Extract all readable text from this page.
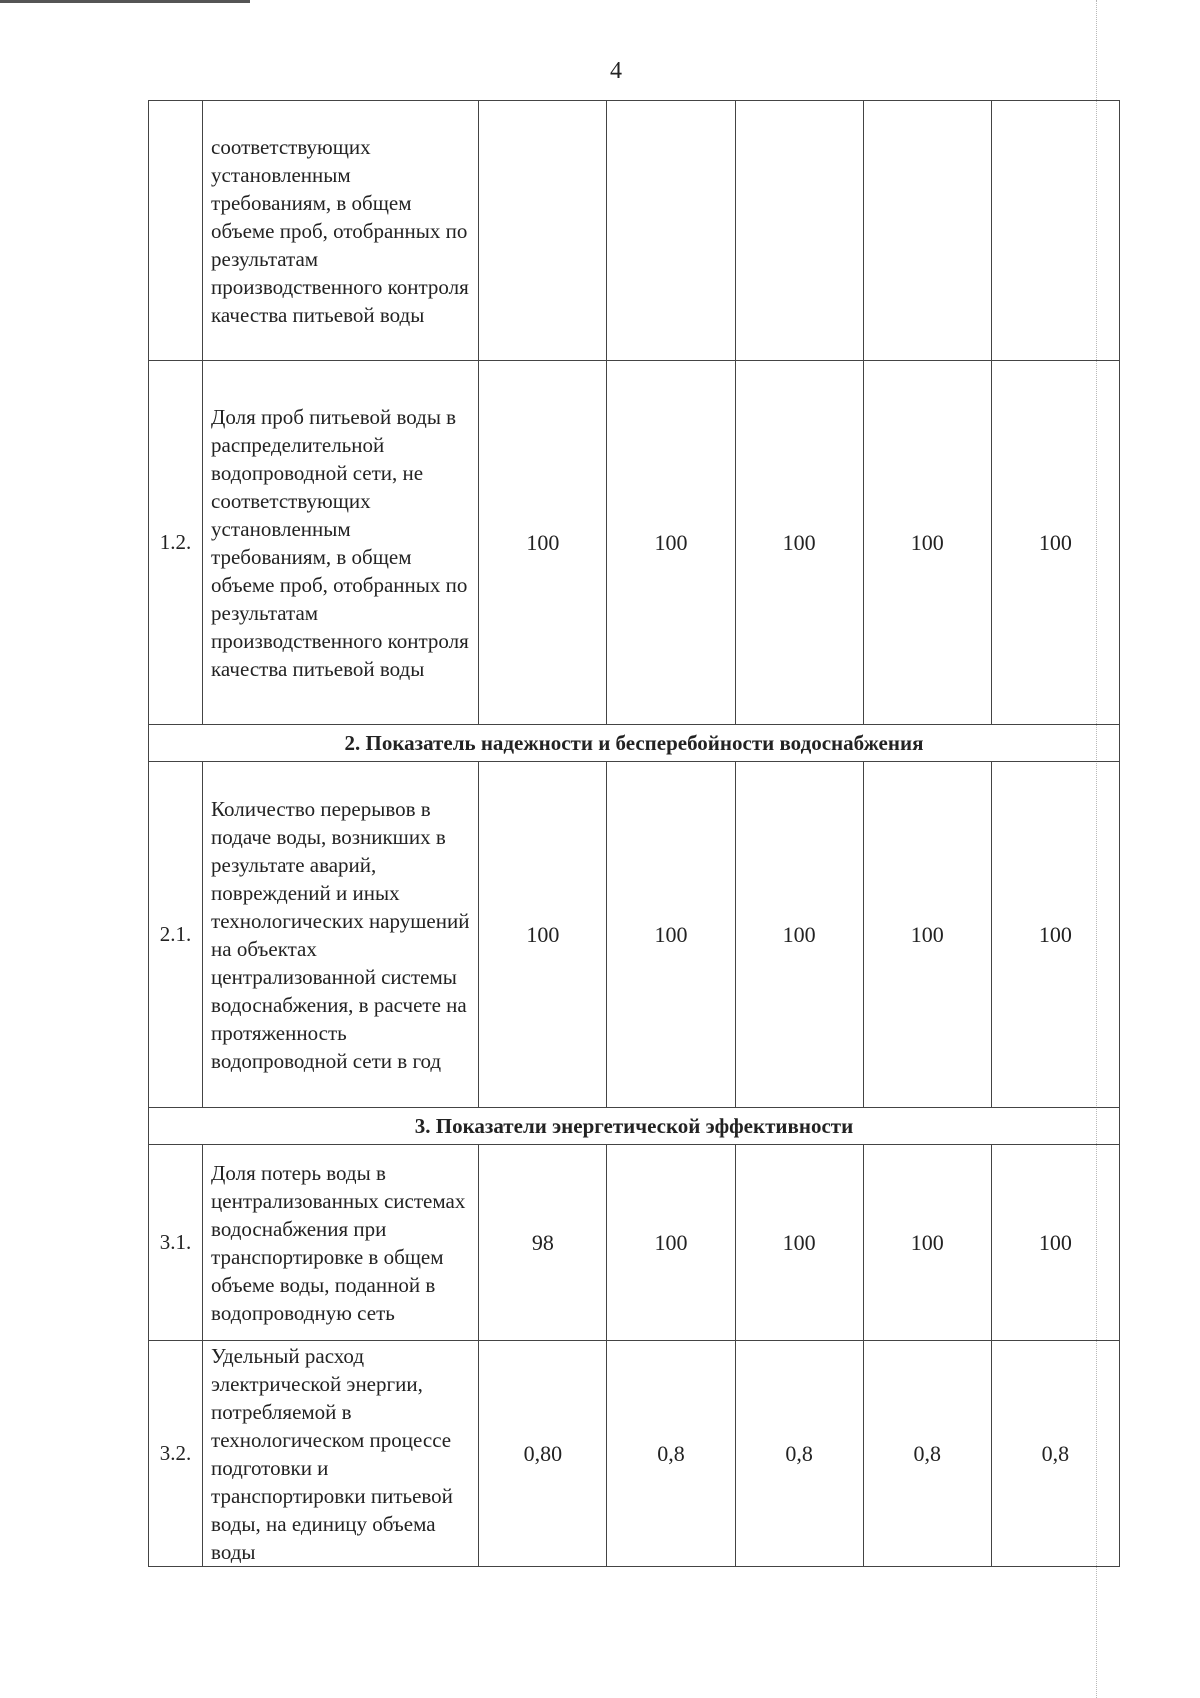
4
	соответствующих установленным требованиям, в общем объеме проб, отобранных по результатам производственного контроля качества питьевой воды					
1.2.	Доля проб питьевой воды в распределительной водопроводной сети, не соответствующих установленным требованиям, в общем объеме проб, отобранных по результатам производственного контроля качества питьевой воды	100	100	100	100	100
2. Показатель надежности и бесперебойности водоснабжения						
2.1.	Количество перерывов в подаче воды, возникших в результате аварий, повреждений и иных технологических нарушений на объектах централизованной системы водоснабжения, в расчете на протяженность водопроводной сети в год	100	100	100	100	100
3. Показатели энергетической эффективности						
3.1.	Доля потерь воды в централизованных системах водоснабжения при транспортировке в общем объеме воды, поданной в водопроводную сеть	98	100	100	100	100
3.2.	Удельный расход электрической энергии, потребляемой в технологическом процессе подготовки и транспортировки питьевой воды, на единицу объема воды	0,80	0,8	0,8	0,8	0,8
